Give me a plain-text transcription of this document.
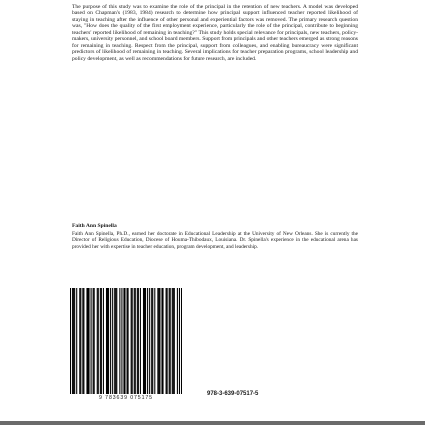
The purpose of this study was to examine the role of the principal in the retention of new teachers. A model was developed based on Chapman's (1983, 1984) research to determine how principal support influenced teacher reported likelihood of staying in teaching after the influence of other personal and experiential factors was removed. The primary research question was, "How does the quality of the first employment experience, particularly the role of the principal, contribute to beginning teachers' reported likelihood of remaining in teaching?" This study holds special relevance for principals, new teachers, policy-makers, university personnel, and school board members. Support from principals and other teachers emerged as strong reasons for remaining in teaching. Respect from the principal, support from colleagues, and enabling bureaucracy were significant predictors of likelihood of remaining in teaching. Several implications for teacher preparation programs, school leadership and policy development, as well as recommendations for future research, are included.
Faith Ann Spinella
Faith Ann Spinella, Ph.D., earned her doctorate in Educational Leadership at the University of New Orleans. She is currently the Director of Religious Education, Diocese of Houma-Thibodaux, Louisiana. Dr. Spinella's experience in the educational arena has provided her with expertise in teacher education, program development, and leadership.
9 783639 075175
978-3-639-07517-5
